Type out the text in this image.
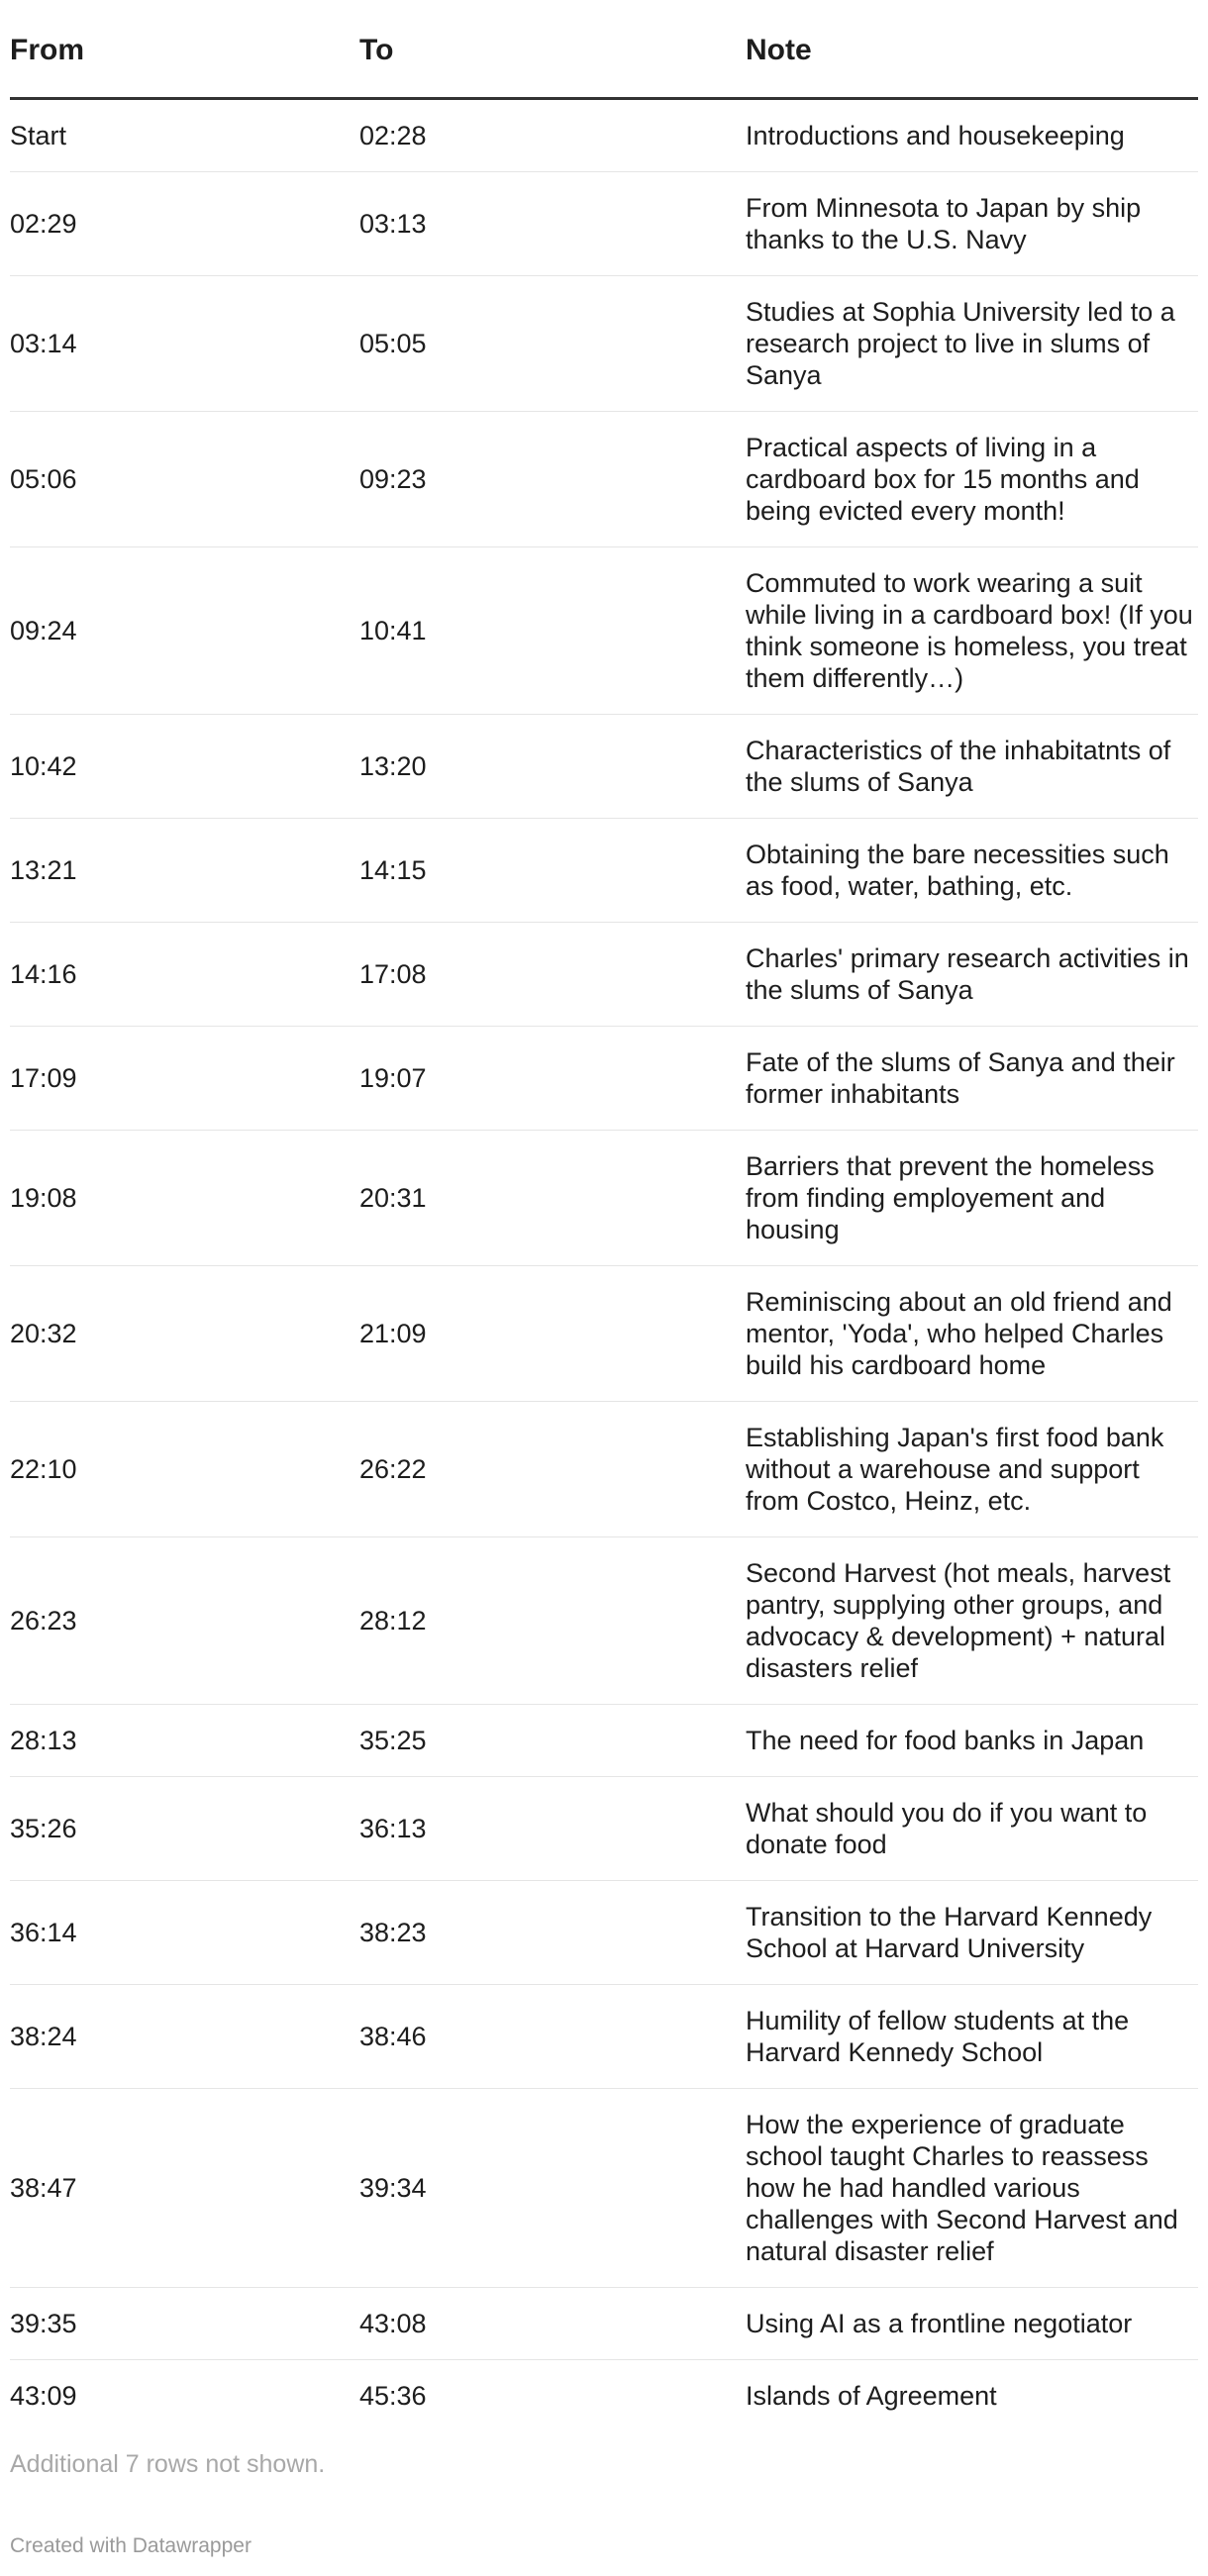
From	To	Note
Start	02:28	Introductions and housekeeping
02:29	03:13	From Minnesota to Japan by ship thanks to the U.S. Navy
03:14	05:05	Studies at Sophia University led to a research project to live in slums of Sanya
05:06	09:23	Practical aspects of living in a cardboard box for 15 months and being evicted every month!
09:24	10:41	Commuted to work wearing a suit while living in a cardboard box! (If you think someone is homeless, you treat them differently…)
10:42	13:20	Characteristics of the inhabitatnts of the slums of Sanya
13:21	14:15	Obtaining the bare necessities such as food, water, bathing, etc.
14:16	17:08	Charles' primary research activities in the slums of Sanya
17:09	19:07	Fate of the slums of Sanya and their former inhabitants
19:08	20:31	Barriers that prevent the homeless from finding employement and housing
20:32	21:09	Reminiscing about an old friend and mentor, 'Yoda', who helped Charles build his cardboard home
22:10	26:22	Establishing Japan's first food bank without a warehouse and support from Costco, Heinz, etc.
26:23	28:12	Second Harvest (hot meals, harvest pantry, supplying other groups, and advocacy & development) + natural disasters relief
28:13	35:25	The need for food banks in Japan
35:26	36:13	What should you do if you want to donate food
36:14	38:23	Transition to the Harvard Kennedy School at Harvard University
38:24	38:46	Humility of fellow students at the Harvard Kennedy School
38:47	39:34	How the experience of graduate school taught Charles to reassess how he had handled various challenges with Second Harvest and natural disaster relief
39:35	43:08	Using AI as a frontline negotiator
43:09	45:36	Islands of Agreement
Additional 7 rows not shown.
Created with Datawrapper
